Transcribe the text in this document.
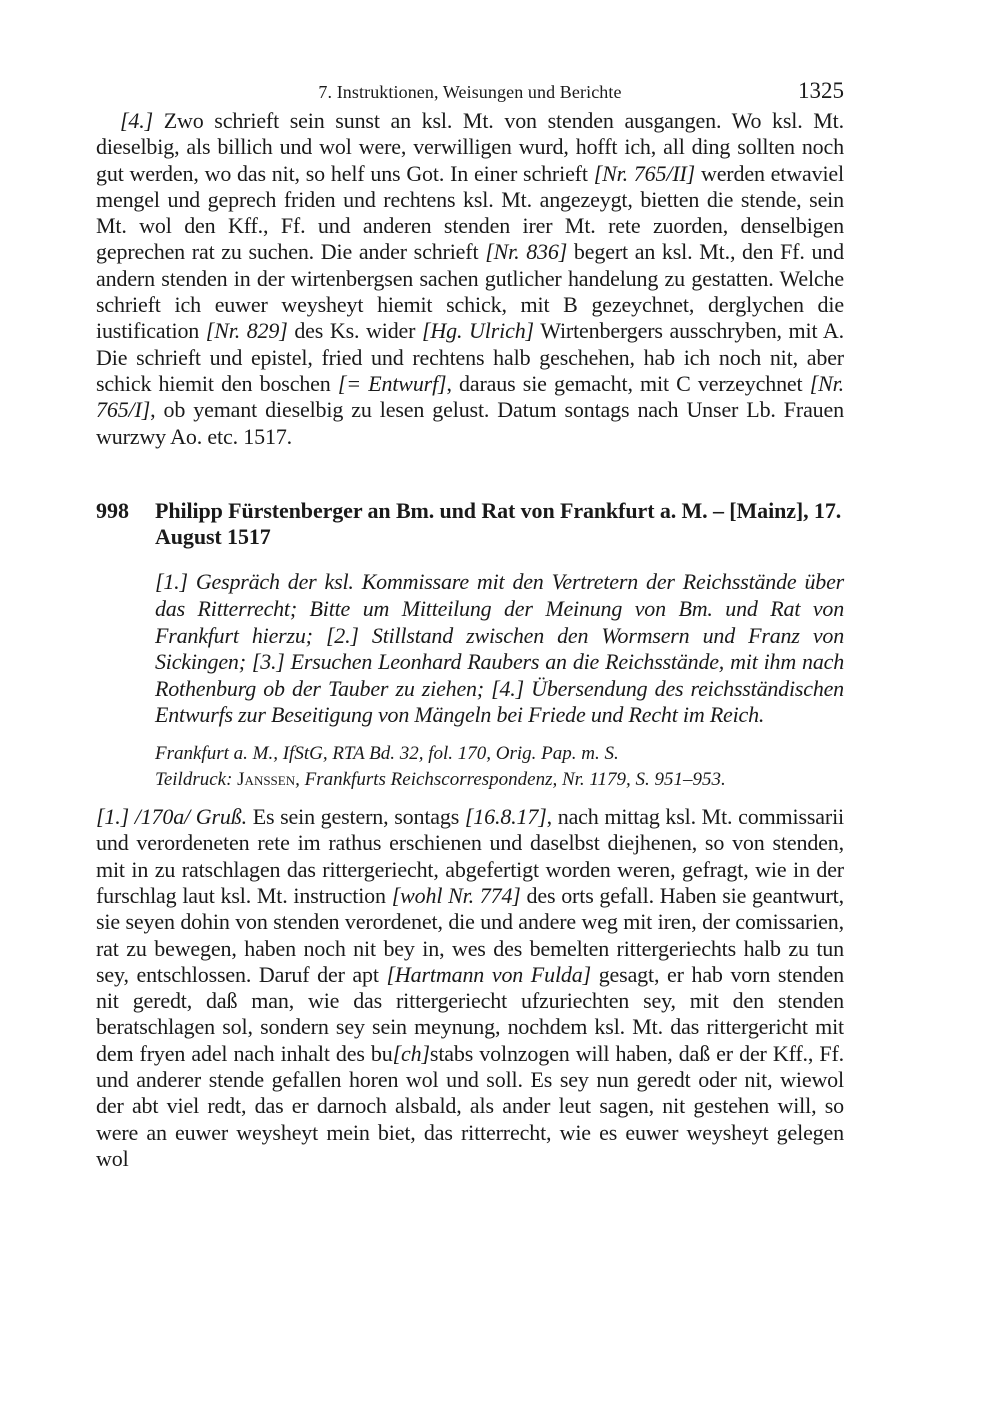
7. Instruktionen, Weisungen und Berichte	1325

[4.] Zwo schrieft sein sunst an ksl. Mt. von stenden ausgangen. Wo ksl. Mt. dieselbig, als billich und wol were, verwilligen wurd, hofft ich, all ding sollten noch gut werden, wo das nit, so helf uns Got. In einer schrieft [Nr. 765/II] werden etwaviel mengel und geprech friden und rechtens ksl. Mt. angezeygt, bietten die stende, sein Mt. wol den Kff., Ff. und anderen stenden irer Mt. rete zuorden, denselbigen geprechen rat zu suchen. Die ander schrieft [Nr. 836] begert an ksl. Mt., den Ff. und andern stenden in der wirtenbergsen sachen gutlicher handelung zu gestatten. Welche schrieft ich euwer weysheyt hiemit schick, mit B gezeychnet, derglychen die iustification [Nr. 829] des Ks. wider [Hg. Ulrich] Wirtenbergers ausschryben, mit A. Die schrieft und epistel, fried und rechtens halb geschehen, hab ich noch nit, aber schick hiemit den boschen [= Entwurf], daraus sie gemacht, mit C verzeychnet [Nr. 765/I], ob yemant dieselbig zu lesen gelust. Datum sontags nach Unser Lb. Frauen wurzwy Ao. etc. 1517.

998	Philipp Fürstenberger an Bm. und Rat von Frankfurt a. M. – [Mainz], 17. August 1517
[1.] Gespräch der ksl. Kommissare mit den Vertretern der Reichsstände über das Ritterrecht; Bitte um Mitteilung der Meinung von Bm. und Rat von Frankfurt hierzu; [2.] Stillstand zwischen den Wormsern und Franz von Sickingen; [3.] Ersuchen Leonhard Raubers an die Reichsstände, mit ihm nach Rothenburg ob der Tauber zu ziehen; [4.] Übersendung des reichsständischen Entwurfs zur Beseitigung von Mängeln bei Friede und Recht im Reich.
Frankfurt a. M., IfStG, RTA Bd. 32, fol. 170, Orig. Pap. m. S.
Teildruck: Janssen, Frankfurts Reichscorrespondenz, Nr. 1179, S. 951–953.

[1.] /170a/ Gruß. Es sein gestern, sontags [16.8.17], nach mittag ksl. Mt. commissarii und verordeneten rete im rathus erschienen und daselbst diejhenen, so von stenden, mit in zu ratschlagen das rittergeriecht, abgefertigt worden weren, gefragt, wie in der furschlag laut ksl. Mt. instruction [wohl Nr. 774] des orts gefall. Haben sie geantwurt, sie seyen dohin von stenden verordenet, die und andere weg mit iren, der comissarien, rat zu bewegen, haben noch nit bey in, wes des bemelten rittergeriechts halb zu tun sey, entschlossen. Daruf der apt [Hartmann von Fulda] gesagt, er hab vorn stenden nit geredt, daß man, wie das rittergeriecht ufzuriechten sey, mit den stenden beratschlagen sol, sondern sey sein meynung, nochdem ksl. Mt. das rittergericht mit dem fryen adel nach inhalt des bu[ch]stabs volnzogen will haben, daß er der Kff., Ff. und anderer stende gefallen horen wol und soll. Es sey nun geredt oder nit, wiewol der abt viel redt, das er darnoch alsbald, als ander leut sagen, nit gestehen will, so were an euwer weysheyt mein biet, das ritterrecht, wie es euwer weysheyt gelegen wol
